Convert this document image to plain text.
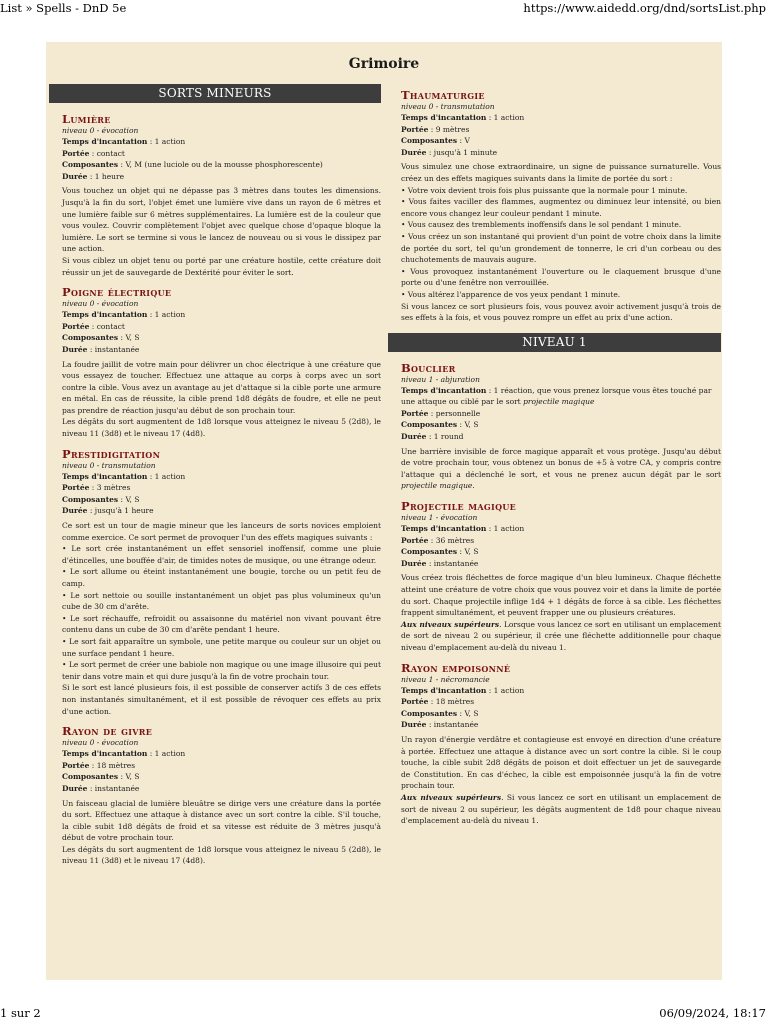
List » Spells - DnD 5e	https://www.aidedd.org/dnd/sortsList.php
Grimoire
SORTS MINEURS
Lumière
niveau 0 - évocation
Temps d'incantation : 1 action
Portée : contact
Composantes : V, M (une luciole ou de la mousse phosphorescente)
Durée : 1 heure

Vous touchez un objet qui ne dépasse pas 3 mètres dans toutes les dimensions. Jusqu'à la fin du sort, l'objet émet une lumière vive dans un rayon de 6 mètres et une lumière faible sur 6 mètres supplémentaires. La lumière est de la couleur que vous voulez. Couvrir complètement l'objet avec quelque chose d'opaque bloque la lumière. Le sort se termine si vous le lancez de nouveau ou si vous le dissipez par une action.

Si vous ciblez un objet tenu ou porté par une créature hostile, cette créature doit réussir un jet de sauvegarde de Dextérité pour éviter le sort.

Poigne électrique
niveau 0 - évocation
Temps d'incantation : 1 action
Portée : contact
Composantes : V, S
Durée : instantanée

La foudre jaillit de votre main pour délivrer un choc électrique à une créature que vous essayez de toucher. Effectuez une attaque au corps à corps avec un sort contre la cible. Vous avez un avantage au jet d'attaque si la cible porte une armure en métal. En cas de réussite, la cible prend 1d8 dégâts de foudre, et elle ne peut pas prendre de réaction jusqu'au début de son prochain tour.

Les dégâts du sort augmentent de 1d8 lorsque vous atteignez le niveau 5 (2d8), le niveau 11 (3d8) et le niveau 17 (4d8).

Prestidigitation
niveau 0 - transmutation
Temps d'incantation : 1 action
Portée : 3 mètres
Composantes : V, S
Durée : jusqu'à 1 heure

Ce sort est un tour de magie mineur que les lanceurs de sorts novices emploient comme exercice. Ce sort permet de provoquer l'un des effets magiques suivants :

• Le sort crée instantanément un effet sensoriel inoffensif, comme une pluie d'étincelles, une bouffée d'air, de timides notes de musique, ou une étrange odeur.

• Le sort allume ou éteint instantanément une bougie, torche ou un petit feu de camp.

• Le sort nettoie ou souille instantanément un objet pas plus volumineux qu'un cube de 30 cm d'arête.

• Le sort réchauffe, refroidit ou assaisonne du matériel non vivant pouvant être contenu dans un cube de 30 cm d'arête pendant 1 heure.

• Le sort fait apparaître un symbole, une petite marque ou couleur sur un objet ou une surface pendant 1 heure.

• Le sort permet de créer une babiole non magique ou une image illusoire qui peut tenir dans votre main et qui dure jusqu'à la fin de votre prochain tour.

Si le sort est lancé plusieurs fois, il est possible de conserver actifs 3 de ces effets non instantanés simultanément, et il est possible de révoquer ces effets au prix d'une action.

Rayon de givre
niveau 0 - évocation
Temps d'incantation : 1 action
Portée : 18 mètres
Composantes : V, S
Durée : instantanée

Un faisceau glacial de lumière bleuâtre se dirige vers une créature dans la portée du sort. Effectuez une attaque à distance avec un sort contre la cible. S'il touche, la cible subit 1d8 dégâts de froid et sa vitesse est réduite de 3 mètres jusqu'à début de votre prochain tour.

Les dégâts du sort augmentent de 1d8 lorsque vous atteignez le niveau 5 (2d8), le niveau 11 (3d8) et le niveau 17 (4d8).

Thaumaturgie
niveau 0 - transmutation
Temps d'incantation : 1 action
Portée : 9 mètres
Composantes : V
Durée : jusqu'à 1 minute

Vous simulez une chose extraordinaire, un signe de puissance surnaturelle. Vous créez un des effets magiques suivants dans la limite de portée du sort :

• Votre voix devient trois fois plus puissante que la normale pour 1 minute.

• Vous faites vaciller des flammes, augmentez ou diminuez leur intensité, ou bien encore vous changez leur couleur pendant 1 minute.

• Vous causez des tremblements inoffensifs dans le sol pendant 1 minute.

• Vous créez un son instantané qui provient d'un point de votre choix dans la limite de portée du sort, tel qu'un grondement de tonnerre, le cri d'un corbeau ou des chuchotements de mauvais augure.

• Vous provoquez instantanément l'ouverture ou le claquement brusque d'une porte ou d'une fenêtre non verrouillée.

• Vous altérez l'apparence de vos yeux pendant 1 minute.

Si vous lancez ce sort plusieurs fois, vous pouvez avoir activement jusqu'à trois de ses effets à la fois, et vous pouvez rompre un effet au prix d'une action.

NIVEAU 1
Bouclier
niveau 1 - abjuration
Temps d'incantation : 1 réaction, que vous prenez lorsque vous êtes touché par une attaque ou ciblé par le sort projectile magique
Portée : personnelle
Composantes : V, S
Durée : 1 round

Une barrière invisible de force magique apparaît et vous protège. Jusqu'au début de votre prochain tour, vous obtenez un bonus de +5 à votre CA, y compris contre l'attaque qui a déclenché le sort, et vous ne prenez aucun dégât par le sort projectile magique.

Projectile magique
niveau 1 - évocation
Temps d'incantation : 1 action
Portée : 36 mètres
Composantes : V, S
Durée : instantanée

Vous créez trois fléchettes de force magique d'un bleu lumineux. Chaque fléchette atteint une créature de votre choix que vous pouvez voir et dans la limite de portée du sort. Chaque projectile inflige 1d4 + 1 dégâts de force à sa cible. Les fléchettes frappent simultanément, et peuvent frapper une ou plusieurs créatures.

Aux niveaux supérieurs. Lorsque vous lancez ce sort en utilisant un emplacement de sort de niveau 2 ou supérieur, il crée une fléchette additionnelle pour chaque niveau d'emplacement au-delà du niveau 1.

Rayon empoisonné
niveau 1 - nécromancie
Temps d'incantation : 1 action
Portée : 18 mètres
Composantes : V, S
Durée : instantanée

Un rayon d'énergie verdâtre et contagieuse est envoyé en direction d'une créature à portée. Effectuez une attaque à distance avec un sort contre la cible. Si le coup touche, la cible subit 2d8 dégâts de poison et doit effectuer un jet de sauvegarde de Constitution. En cas d'échec, la cible est empoisonnée jusqu'à la fin de votre prochain tour.

Aux niveaux supérieurs. Si vous lancez ce sort en utilisant un emplacement de sort de niveau 2 ou supérieur, les dégâts augmentent de 1d8 pour chaque niveau d'emplacement au-delà du niveau 1.

1 sur 2	06/09/2024, 18:17
